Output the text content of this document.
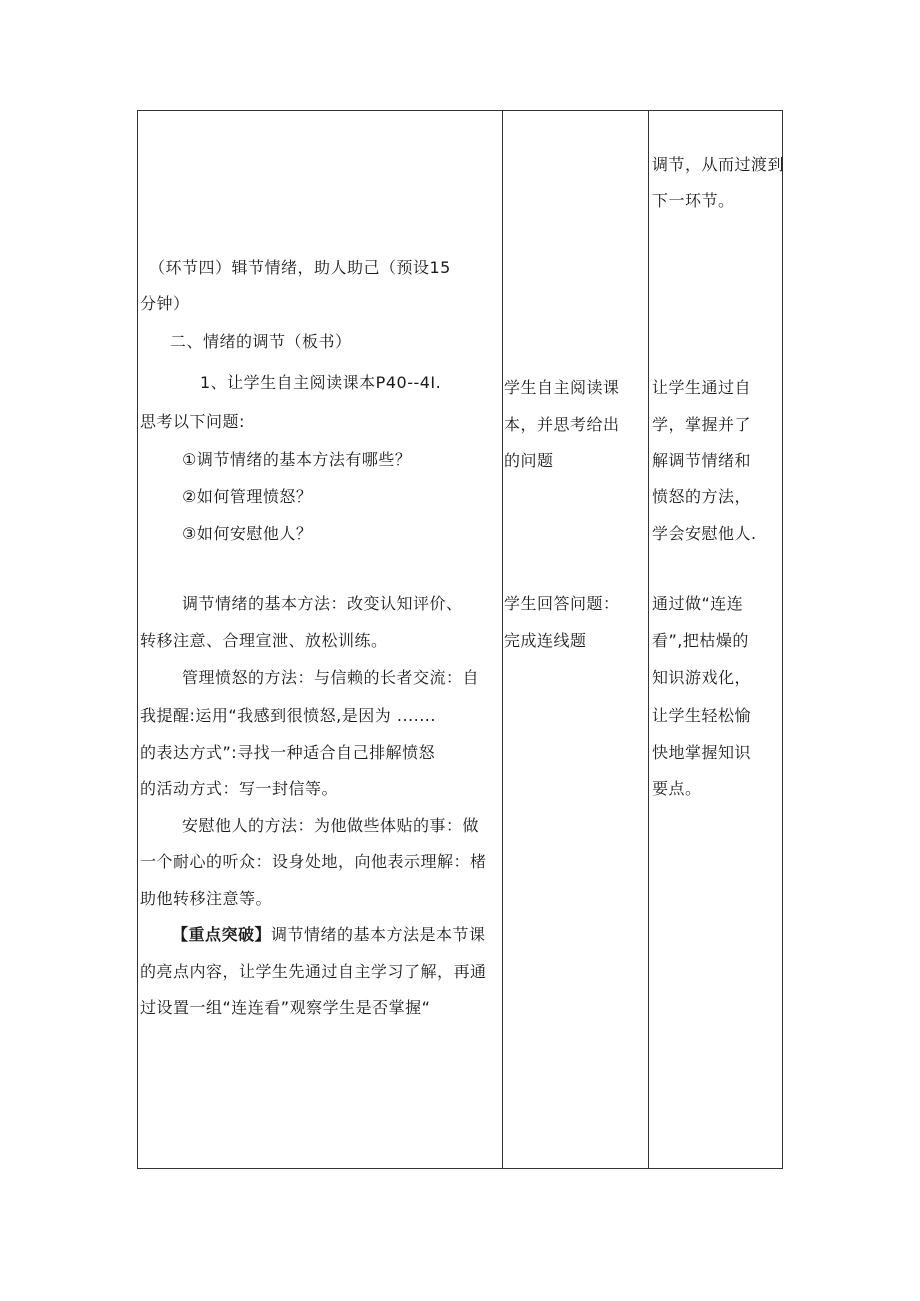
（环节四）辑节情绪，助人助己（预设15
分钟）
二、情绪的调节（板书）
1、让学生自主阅读课本P40--4I.
思考以下问题:
①调节情绪的基本方法有哪些？
②如何管理愤怒？
③如何安慰他人？
调节情绪的基本方法：改变认知评价、
转移注意、合理宣泄、放松训练。
管理愤怒的方法：与信赖的长者交流：自
我提醒:运用“我感到很愤怒,是因为 .......
的表达方式”:寻找一种适合自己排解愤怒
的活动方式：写一封信等。
安慰他人的方法：为他做些体贴的事：做
一个耐心的听众：设身处地，向他表示理解：楮
助他转移注意等。
【重点突破】调节情绪的基本方法是本节课
的亮点内容，让学生先通过自主学习了解，再通
过设置一组“连连看”观察学生是否掌握“
学生自主阅读课
本，并思考给出
的问题
学生回答问题：
完成连线题
调节，从而过渡到
下一环节。
让学生通过自
学，掌握并了
解调节情绪和
愤怒的方法，
学会安慰他人.
通过做“连连
看”,把枯燥的
知识游戏化，
让学生轻松愉
快地掌握知识
要点。
